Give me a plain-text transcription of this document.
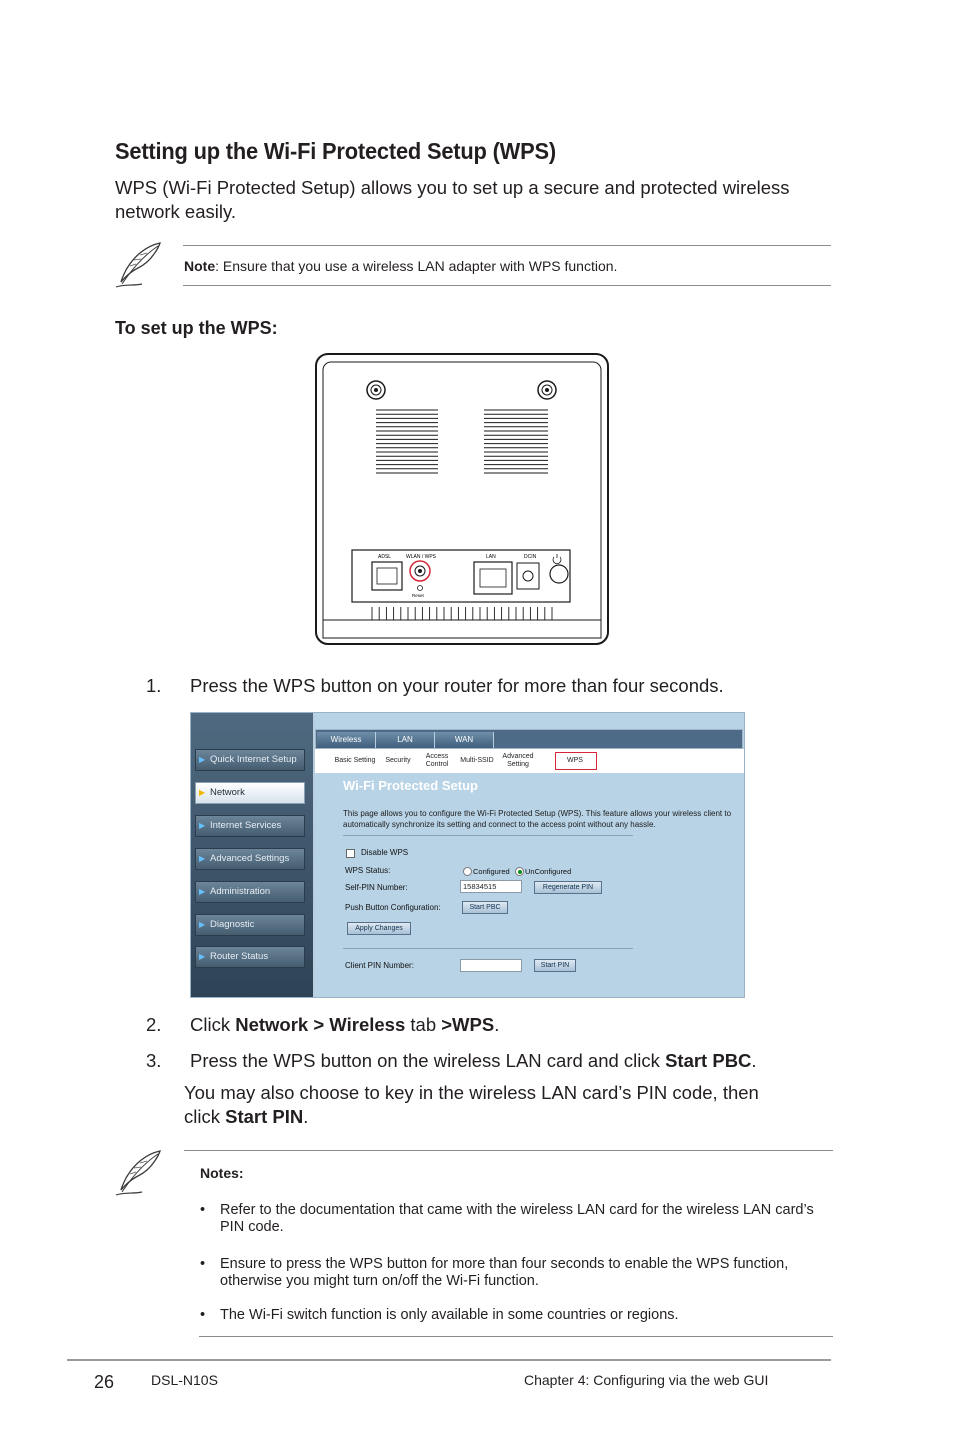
Setting up the Wi-Fi Protected Setup (WPS)
WPS (Wi-Fi Protected Setup) allows you to set up a secure and protected wireless network easily.
Note: Ensure that you use a wireless LAN adapter with WPS function.
To set up the WPS:
ADSL	WLAN / WPS	LAN	DCIN
Reset
1. Press the WPS button on your router for more than four seconds.
▶ Quick Internet Setup
▶ Network
▶ Internet Services
▶ Advanced Settings
▶ Administration
▶ Diagnostic
▶ Router Status
Wireless	LAN	WAN
Basic Setting	Security
Access Control
Multi-SSID
Advanced Setting
WPS
Wi-Fi Protected Setup
This page allows you to configure the Wi-Fi Protected Setup (WPS). This feature allows your wireless client to automatically synchronize its setting and connect to the access point without any hassle.
Disable WPS
WPS Status:	Configured UnConfigured
Self-PIN Number:	15834515	Regenerate PIN
Push Button Configuration:	Start PBC
Apply Changes
Client PIN Number:	Start PIN
2. Click Network > Wireless tab >WPS.
3. Press the WPS button on the wireless LAN card and click Start PBC.
You may also choose to key in the wireless LAN card’s PIN code, then
click Start PIN.
Notes:
• Refer to the documentation that came with the wireless LAN card for the wireless LAN card’s PIN code.
• Ensure to press the WPS button for more than four seconds to enable the WPS function, otherwise you might turn on/off the Wi-Fi function.
• The Wi-Fi switch function is only available in some countries or regions.
26	DSL-N10S	Chapter 4: Configuring via the web GUI
